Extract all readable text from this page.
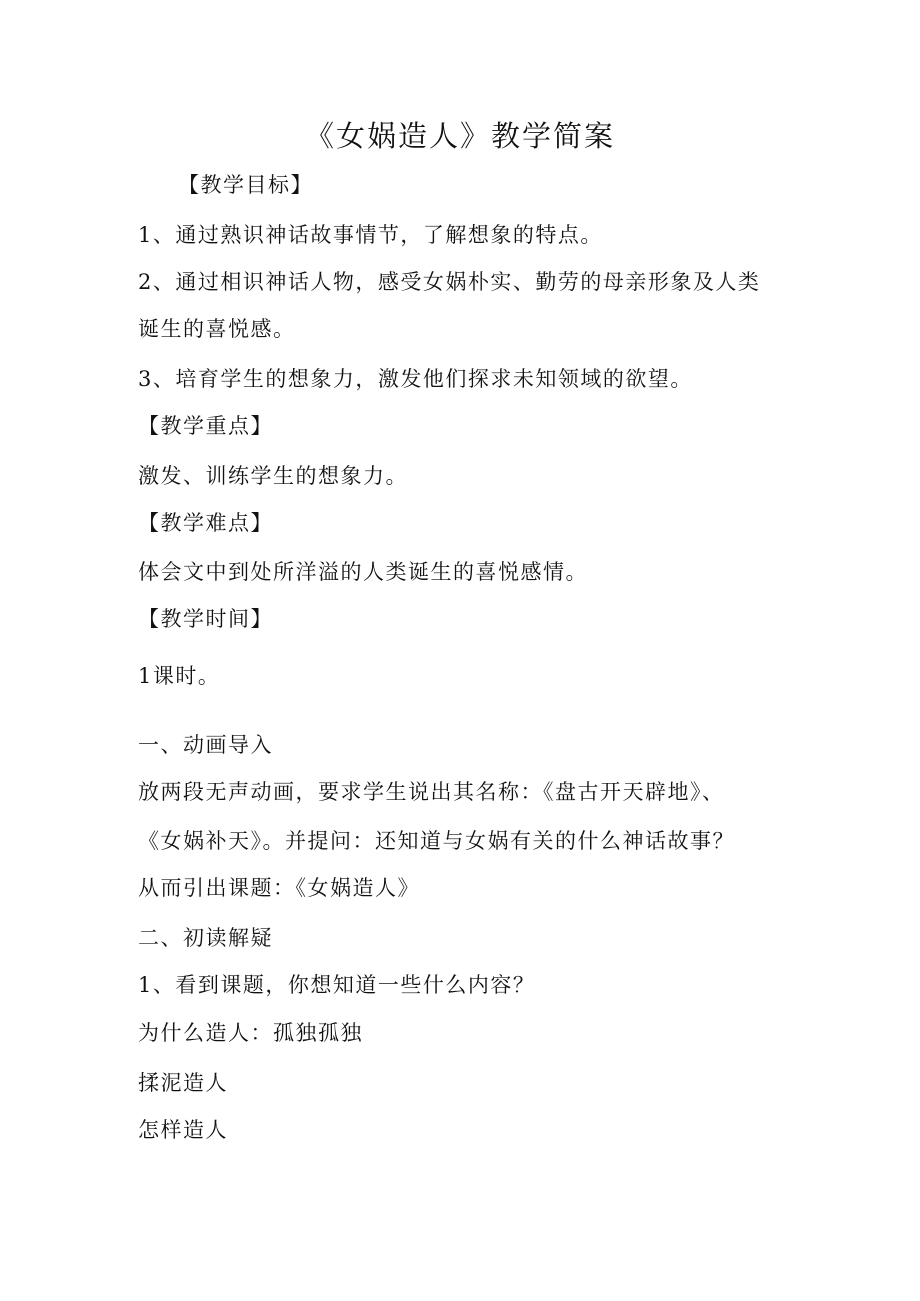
《女娲造人》教学简案
【教学目标】
1、通过熟识神话故事情节，了解想象的特点。
2、通过相识神话人物，感受女娲朴实、勤劳的母亲形象及人类
诞生的喜悦感。
3、培育学生的想象力，激发他们探求未知领域的欲望。
【教学重点】
激发、训练学生的想象力。
【教学难点】
体会文中到处所洋溢的人类诞生的喜悦感情。
【教学时间】
1课时。
一、动画导入
放两段无声动画，要求学生说出其名称：《盘古开天辟地》、
《女娲补天》。并提问：还知道与女娲有关的什么神话故事？
从而引出课题：《女娲造人》
二、初读解疑
1、看到课题，你想知道一些什么内容？
为什么造人：孤独孤独
揉泥造人
怎样造人
